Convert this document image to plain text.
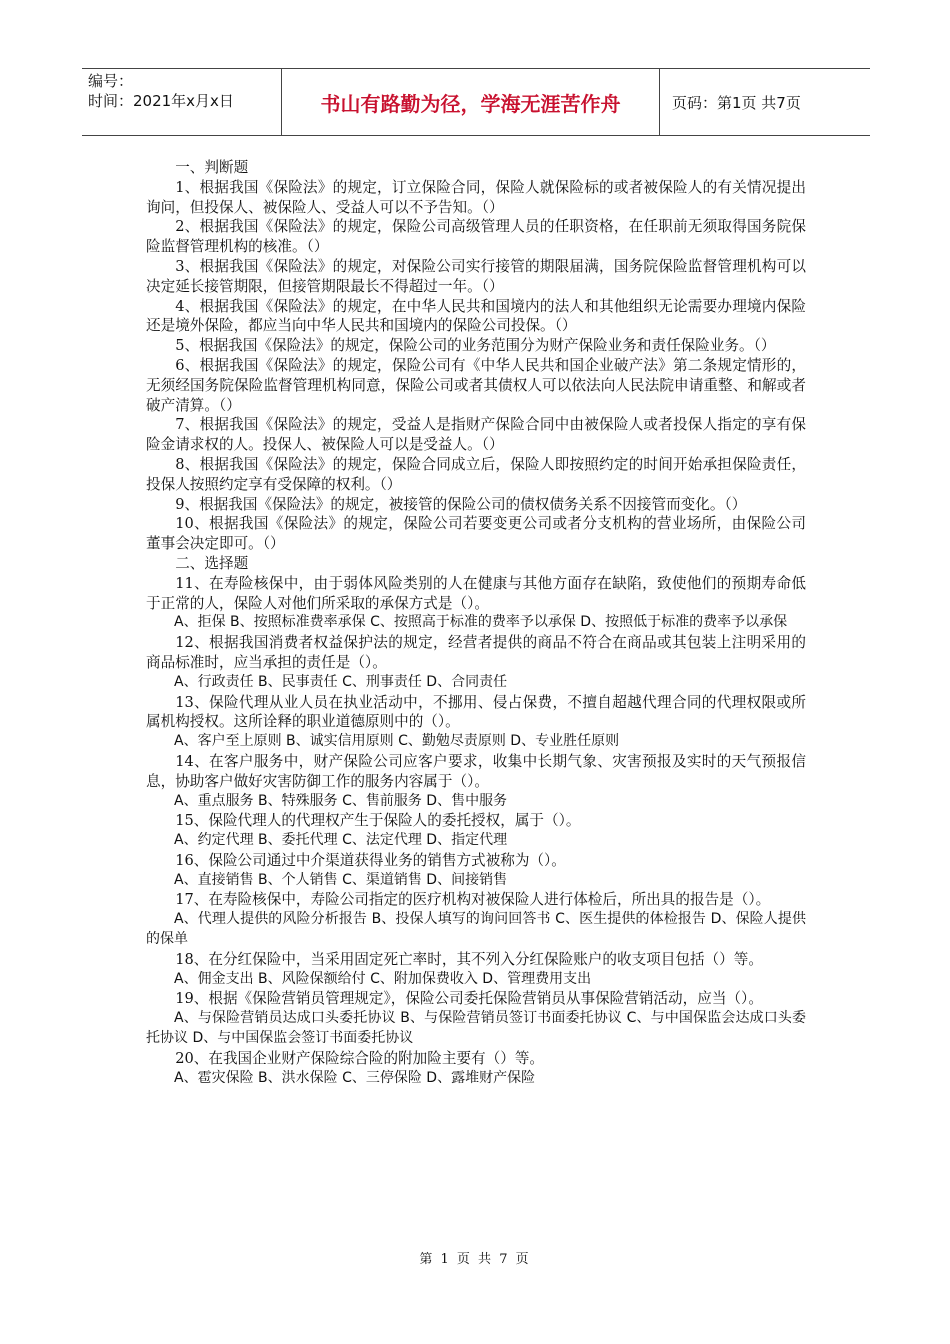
编号：
时间：2021年x月x日	书山有路勤为径，学海无涯苦作舟	页码：第1页 共7页

一、判断题

1、根据我国《保险法》的规定，订立保险合同，保险人就保险标的或者被保险人的有关情况提出询问，但投保人、被保险人、受益人可以不予告知。（）

2、根据我国《保险法》的规定，保险公司高级管理人员的任职资格，在任职前无须取得国务院保险监督管理机构的核准。（）

3、根据我国《保险法》的规定，对保险公司实行接管的期限届满，国务院保险监督管理机构可以决定延长接管期限，但接管期限最长不得超过一年。（）

4、根据我国《保险法》的规定，在中华人民共和国境内的法人和其他组织无论需要办理境内保险还是境外保险，都应当向中华人民共和国境内的保险公司投保。（）

5、根据我国《保险法》的规定，保险公司的业务范围分为财产保险业务和责任保险业务。（）

6、根据我国《保险法》的规定，保险公司有《中华人民共和国企业破产法》第二条规定情形的，无须经国务院保险监督管理机构同意，保险公司或者其债权人可以依法向人民法院申请重整、和解或者破产清算。（）

7、根据我国《保险法》的规定，受益人是指财产保险合同中由被保险人或者投保人指定的享有保险金请求权的人。投保人、被保险人可以是受益人。（）

8、根据我国《保险法》的规定，保险合同成立后，保险人即按照约定的时间开始承担保险责任，投保人按照约定享有受保障的权利。（）

9、根据我国《保险法》的规定，被接管的保险公司的债权债务关系不因接管而变化。（）

10、根据我国《保险法》的规定，保险公司若要变更公司或者分支机构的营业场所，由保险公司董事会决定即可。（）

二、选择题

11、在寿险核保中，由于弱体风险类别的人在健康与其他方面存在缺陷，致使他们的预期寿命低于正常的人，保险人对他们所采取的承保方式是（）。

A、拒保 B、按照标准费率承保 C、按照高于标准的费率予以承保 D、按照低于标准的费率予以承保

12、根据我国消费者权益保护法的规定，经营者提供的商品不符合在商品或其包装上注明采用的商品标准时，应当承担的责任是（）。

A、行政责任 B、民事责任 C、刑事责任 D、合同责任

13、保险代理从业人员在执业活动中，不挪用、侵占保费，不擅自超越代理合同的代理权限或所属机构授权。这所诠释的职业道德原则中的（）。

A、客户至上原则 B、诚实信用原则 C、勤勉尽责原则 D、专业胜任原则

14、在客户服务中，财产保险公司应客户要求，收集中长期气象、灾害预报及实时的天气预报信息，协助客户做好灾害防御工作的服务内容属于（）。

A、重点服务 B、特殊服务 C、售前服务 D、售中服务

15、保险代理人的代理权产生于保险人的委托授权，属于（）。

A、约定代理 B、委托代理 C、法定代理 D、指定代理

16、保险公司通过中介渠道获得业务的销售方式被称为（）。

A、直接销售 B、个人销售 C、渠道销售 D、间接销售

17、在寿险核保中，寿险公司指定的医疗机构对被保险人进行体检后，所出具的报告是（）。

A、代理人提供的风险分析报告 B、投保人填写的询问回答书 C、医生提供的体检报告 D、保险人提供的保单

18、在分红保险中，当采用固定死亡率时，其不列入分红保险账户的收支项目包括（）等。

A、佣金支出 B、风险保额给付 C、附加保费收入 D、管理费用支出

19、根据《保险营销员管理规定》，保险公司委托保险营销员从事保险营销活动，应当（）。

A、与保险营销员达成口头委托协议 B、与保险营销员签订书面委托协议 C、与中国保监会达成口头委托协议 D、与中国保监会签订书面委托协议

20、在我国企业财产保险综合险的附加险主要有（）等。

A、雹灾保险 B、洪水保险 C、三停保险 D、露堆财产保险

第 1 页 共 7 页
